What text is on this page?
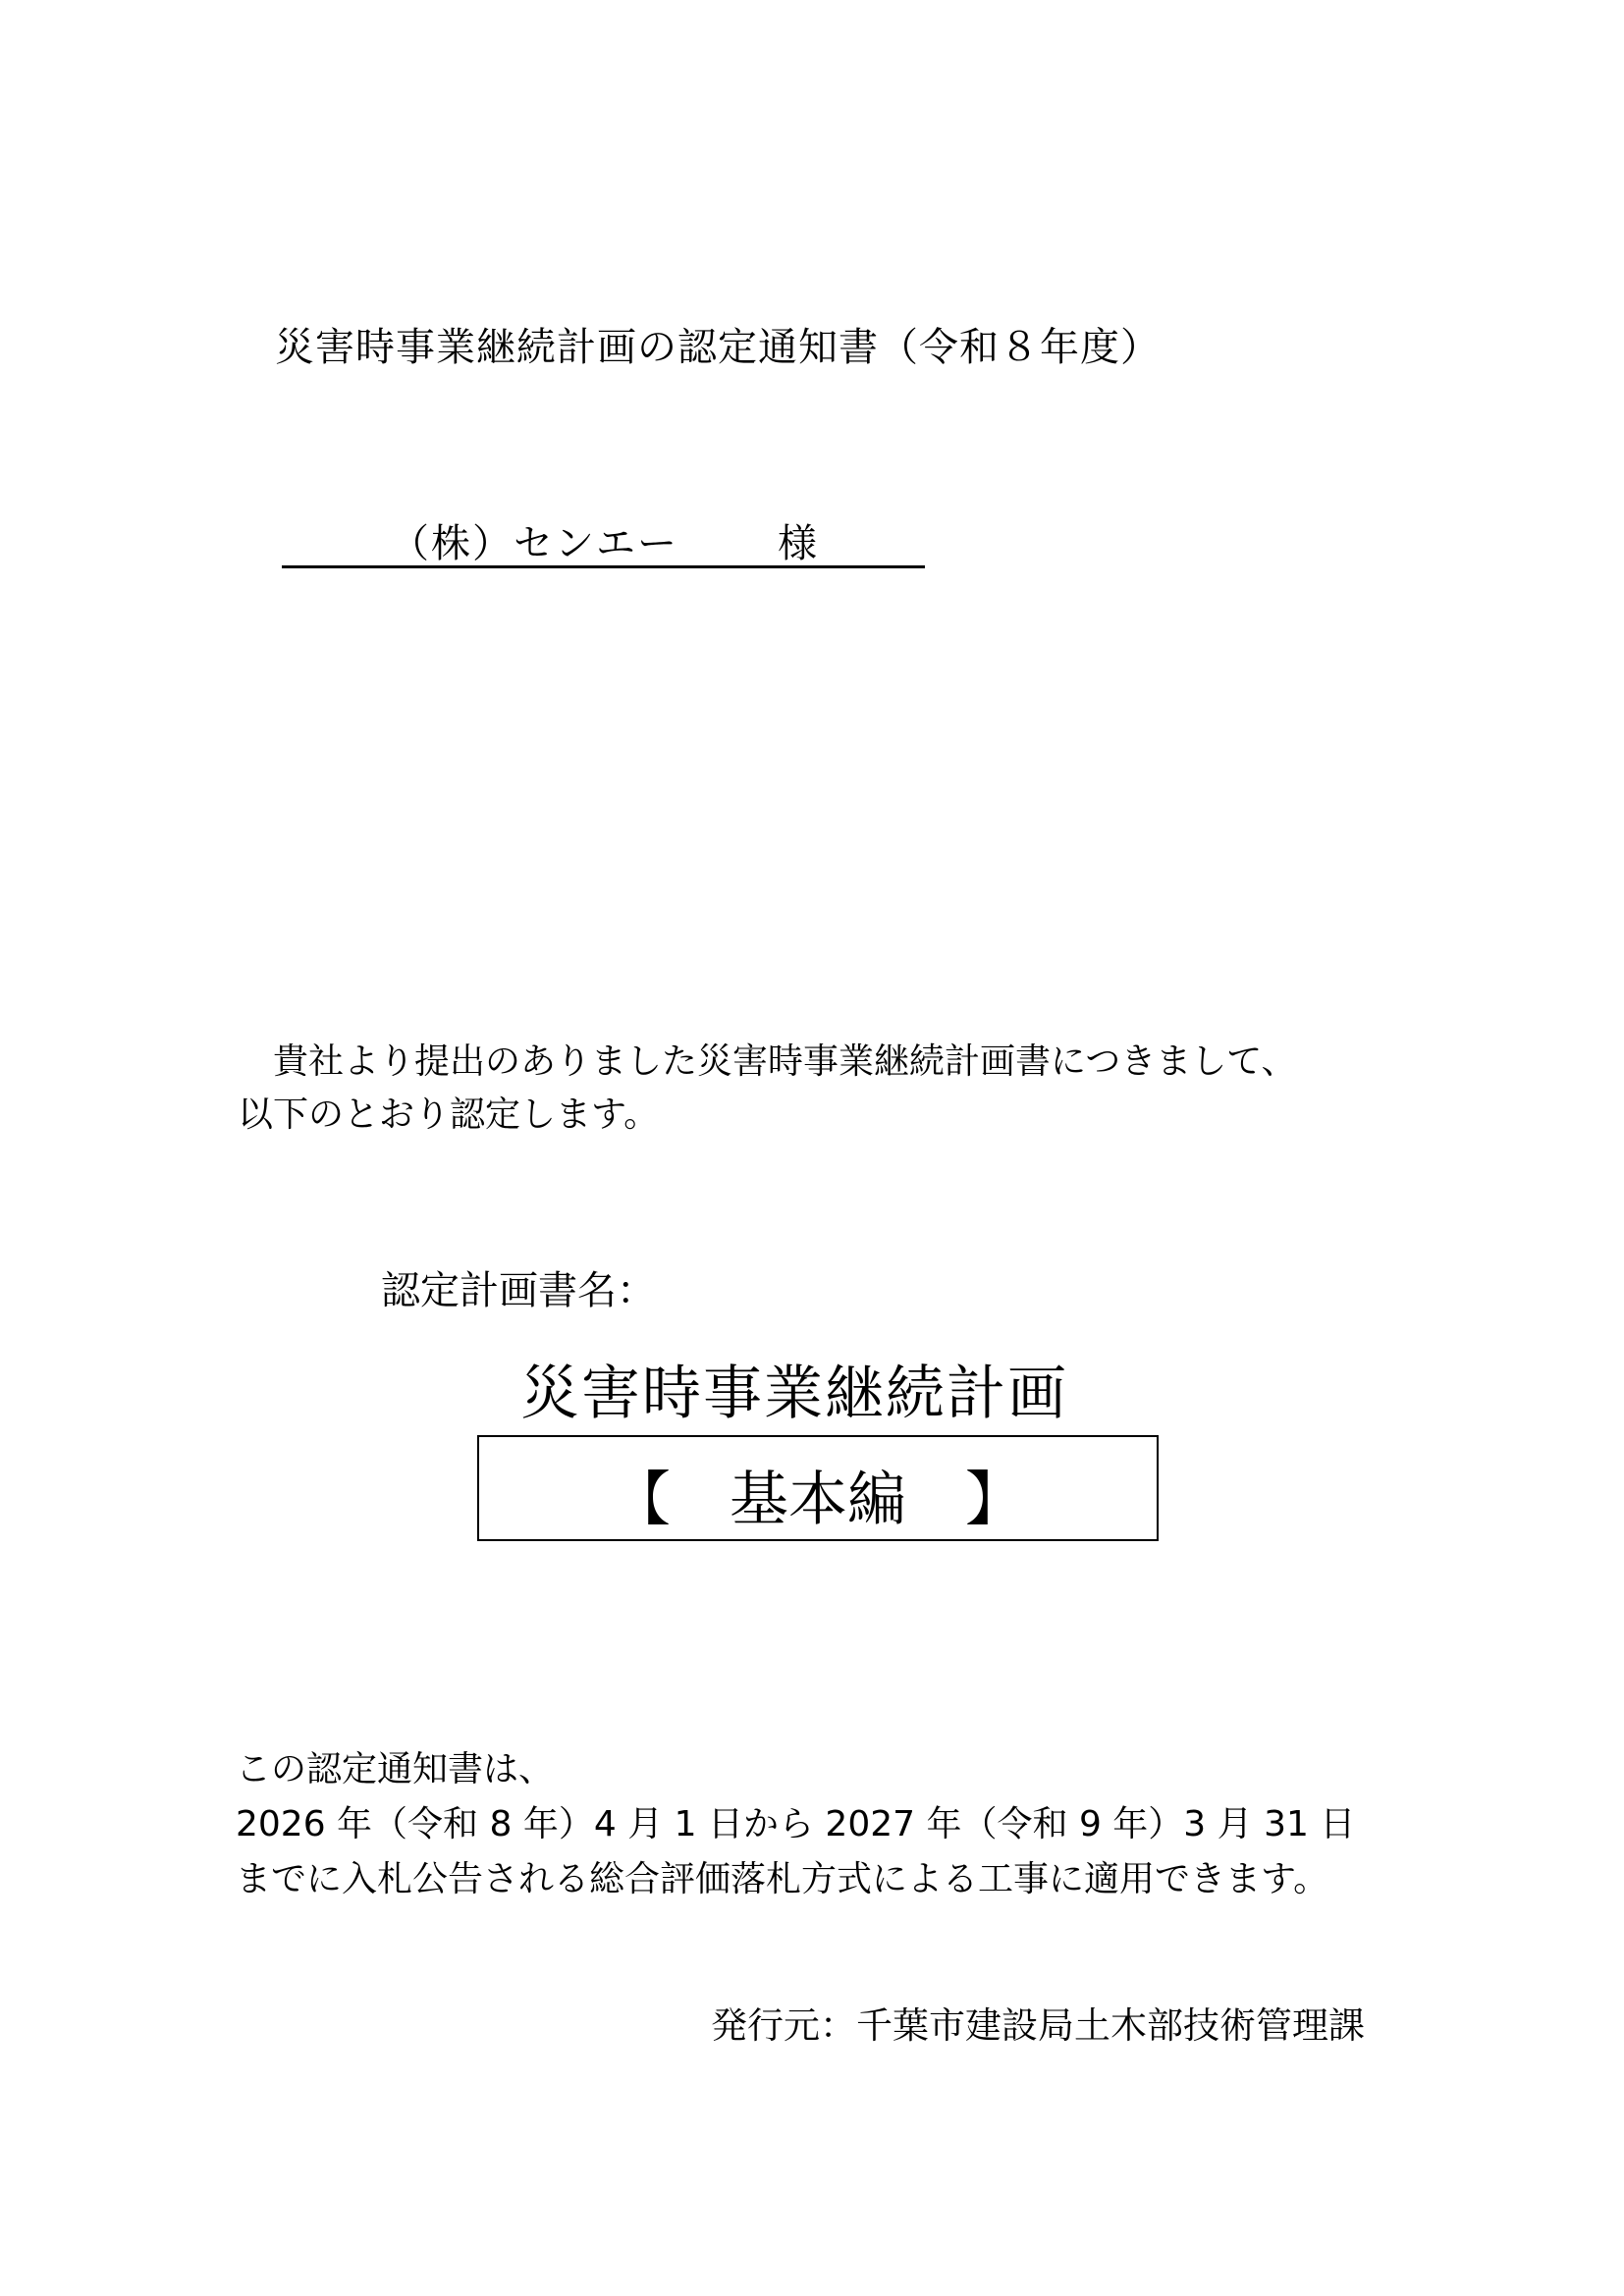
災害時事業継続計画の認定通知書（令和８年度）
（株）センエー	様
貴社より提出のありました災害時事業継続計画書につきまして、
以下のとおり認定します。
認定計画書名：
災害時事業継続計画
【　基本編　】
この認定通知書は、
2026 年（令和 8 年）4 月 1 日から 2027 年（令和 9 年）3 月 31 日
までに入札公告される総合評価落札方式による工事に適用できます。
発行元：千葉市建設局土木部技術管理課
